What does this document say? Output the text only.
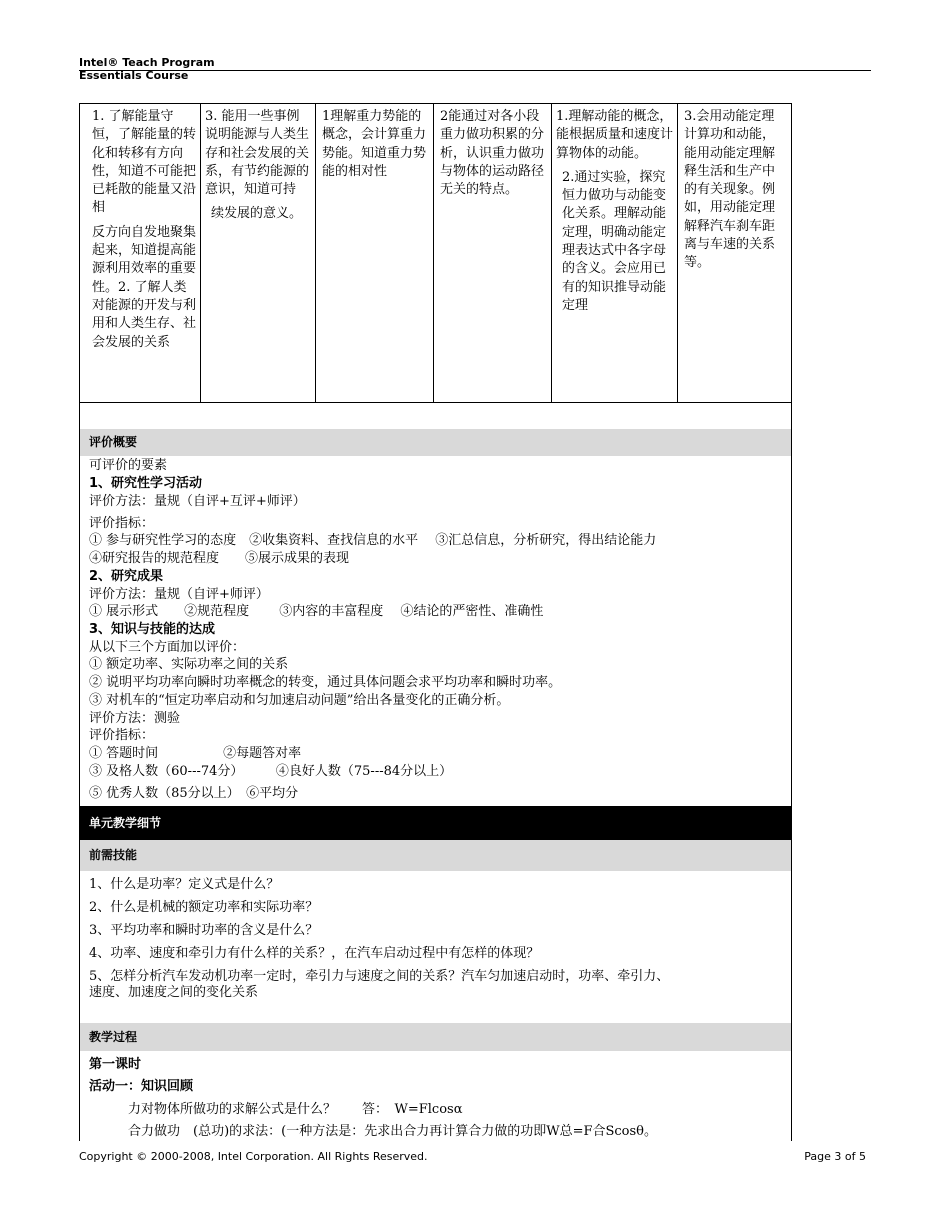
Intel® Teach Program
Essentials Course

1. 了解能量守恒，了解能量的转化和转移有方向性，知道不可能把已耗散的能量又沿相

反方向自发地聚集起来，知道提高能源利用效率的重要性。2. 了解人类对能源的开发与利用和人类生存、社会发展的关系

3. 能用一些事例说明能源与人类生存和社会发展的关系，有节约能源的意识，知道可持

续发展的意义。

1理解重力势能的概念，会计算重力势能。知道重力势能的相对性

2能通过对各小段重力做功积累的分析，认识重力做功与物体的运动路径无关的特点。

1.理解动能的概念，能根据质量和速度计算物体的动能。

2.通过实验，探究恒力做功与动能变化关系。理解动能定理，明确动能定理表达式中各字母的含义。会应用已有的知识推导动能定理

3.会用动能定理计算功和动能，能用动能定理解释生活和生产中的有关现象。例如，用动能定理解释汽车刹车距离与车速的关系等。

评价概要
可评价的要素
1、研究性学习活动
评价方法：量规（自评+互评+师评）
评价指标：
① 参与研究性学习的态度　②收集资料、查找信息的水平　 ③汇总信息，分析研究，得出结论能力
④研究报告的规范程度　　⑤展示成果的表现
2、研究成果
评价方法：量规（自评+师评）
① 展示形式　　②规范程度　　 ③内容的丰富程度　 ④结论的严密性、准确性
3、知识与技能的达成
从以下三个方面加以评价：
① 额定功率、实际功率之间的关系
② 说明平均功率向瞬时功率概念的转变，通过具体问题会求平均功率和瞬时功率。
③ 对机车的“恒定功率启动和匀加速启动问题”给出各量变化的正确分析。
评价方法：测验
评价指标：
① 答题时间　　　　　②每题答对率
③ 及格人数（60---74分）　　　④良好人数（75---84分以上）
⑤ 优秀人数（85分以上）　⑥平均分
单元教学细节
前需技能
1、什么是功率？定义式是什么？
2、什么是机械的额定功率和实际功率？
3、平均功率和瞬时功率的含义是什么？
4、功率、速度和牵引力有什么样的关系？，在汽车启动过程中有怎样的体现？
5、怎样分析汽车发动机功率一定时，牵引力与速度之间的关系？汽车匀加速启动时，功率、牵引力、
速度、加速度之间的变化关系
教学过程
第一课时
活动一：知识回顾
力对物体所做功的求解公式是什么？　　答：　W=Flcosα
合力做功　(总功)的求法：(一种方法是：先求出合力再计算合力做的功即W总=F合Scosθ。
Copyright © 2000-2008, Intel Corporation. All Rights Reserved.	Page 3 of 5
